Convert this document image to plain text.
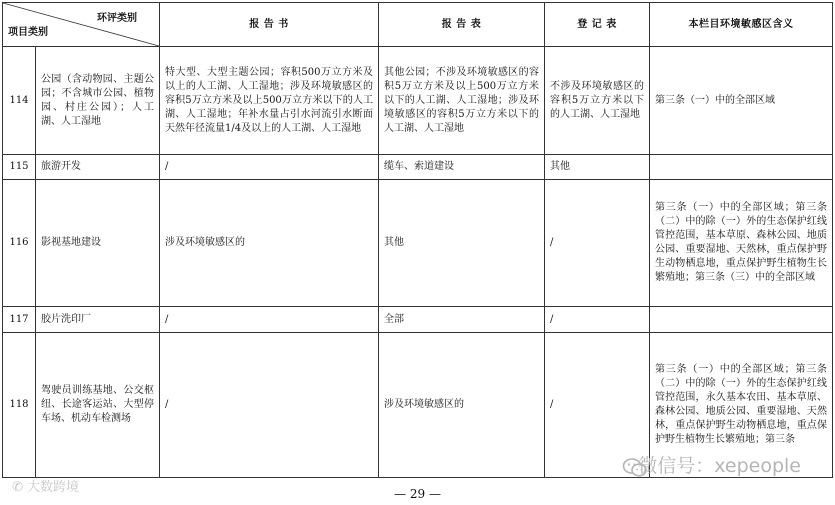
环评类别
项目类别		报 告 书	报 告 表	登 记 表	本栏目环境敏感区含义
114	公园（含动物园、主题公园；不含城市公园、植物园、村庄公园）；人工湖、人工湿地	特大型、大型主题公园；容积500万立方米及以上的人工湖、人工湿地；涉及环境敏感区的容积5万立方米及以上500万立方米以下的人工湖、人工湿地；年补水量占引水河流引水断面天然年径流量1/4及以上的人工湖、人工湿地	其他公园；不涉及环境敏感区的容积5万立方米及以上500万立方米以下的人工湖、人工湿地；涉及环境敏感区的容积5万立方米以下的人工湖、人工湿地	不涉及环境敏感区的容积5万立方米以下的人工湖、人工湿地	第三条（一）中的全部区域
115	旅游开发	/	缆车、索道建设	其他	
116	影视基地建设	涉及环境敏感区的	其他	/	第三条（一）中的全部区域；第三条（二）中的除（一）外的生态保护红线管控范围，基本草原、森林公园、地质公园、重要湿地、天然林，重点保护野生动物栖息地，重点保护野生植物生长繁殖地；第三条（三）中的全部区域
117	胶片洗印厂	/	全部	/	
118	驾驶员训练基地、公交枢纽、长途客运站、大型停车场、机动车检测场	/	涉及环境敏感区的	/	第三条（一）中的全部区域；第三条（二）中的除（一）外的生态保护红线管控范围，永久基本农田、基本草原、森林公园、地质公园、重要湿地、天然林，重点保护野生动物栖息地，重点保护野生植物生长繁殖地；第三条
微信号：xepeople
✆ 大数跨境	— 29 —
